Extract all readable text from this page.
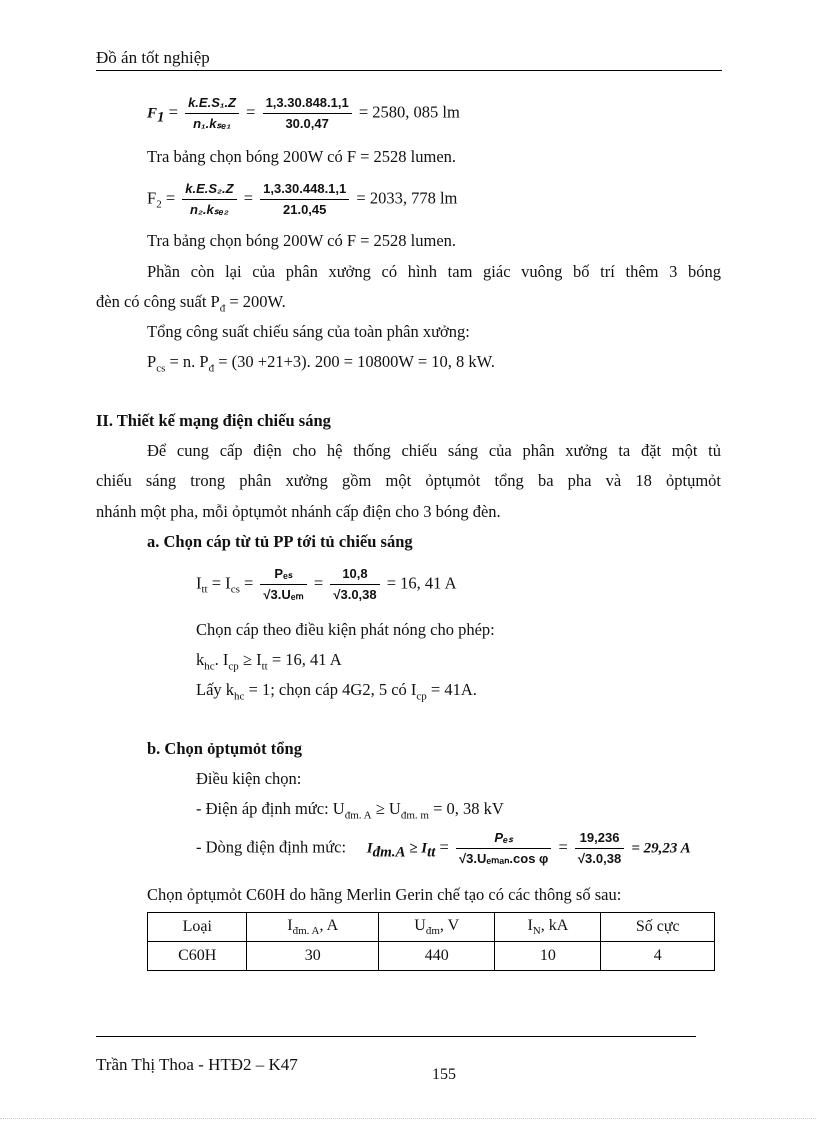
Đồ án tốt nghiệp
$F_1 = \frac{\text{k.E.S₁.Z}}{\text{n₁.kₛₑ₁}} = \frac{1,3.30.848.1,1}{30.0,47} = 2580$, 085 lm
Tra bảng chọn bóng 200W có F = 2528 lumen.
$F_2 = \frac{\text{k.E.S₂.Z}}{\text{n₂.kₛₑ₂}} = \frac{1,3.30.448.1,1}{21.0,45} = 2033$, 778 lm
Tra bảng chọn bóng 200W có F = 2528 lumen.
Phần còn lại của phân xưởng có hình tam giác vuông bố trí thêm 3 bóng
đèn có công suất $P_đ = 200W$.
Tổng công suất chiếu sáng của toàn phân xưởng:
$P_{cs} = n$. $P_đ = (30 +21+3)$. 200 = 10800W = 10, 8 kW.
II. Thiết kế mạng điện chiếu sáng
Để cung cấp điện cho hệ thống chiếu sáng của phân xưởng ta đặt một tủ
chiếu sáng trong phân xưởng gồm một ỏptụmỏt tổng ba pha và 18 ỏptụmỏt
nhánh một pha, mỗi ỏptụmỏt nhánh cấp điện cho 3 bóng đèn.
a. Chọn cáp từ tủ PP tới tủ chiếu sáng
$I_{tt} = I_{cs} = \frac{\text{Pₑₛ}}{\text{√3.Uₑₘ}} = \frac{10,8}{√3.0,38} = 16$, 41 A
Chọn cáp theo điều kiện phát nóng cho phép:
$k_{hc}$. $I_{cp} \ge I_{tt} = 16$, 41 A
Lấy $k_{hc} = 1$; chọn cáp 4G2, 5 có $I_{cp} = 41A$.
b. Chọn ỏptụmỏt tổng
Điều kiện chọn:
- Điện áp định mức: $U_{đm. A} \ge U_{đm. m} = 0$, 38 kV
- Dòng điện định mức: $I_{đm.A} \ge I_{tt} = \frac{\text{Pₑₛ}}{\text{√3.Uₑₘₐₙ.cos φ}} = \frac{19,236}{√3.0,38} = 29,23$ A
Chọn ỏptụmỏt C60H do hãng Merlin Gerin chế tạo có các thông số sau:
Loại	$I_{đm. A}$, A	$U_{đm}$, V	$I_N$, kA	Số cực
C60H	30	440	10	4
Trần Thị Thoa - HTĐ2 – K47
155
